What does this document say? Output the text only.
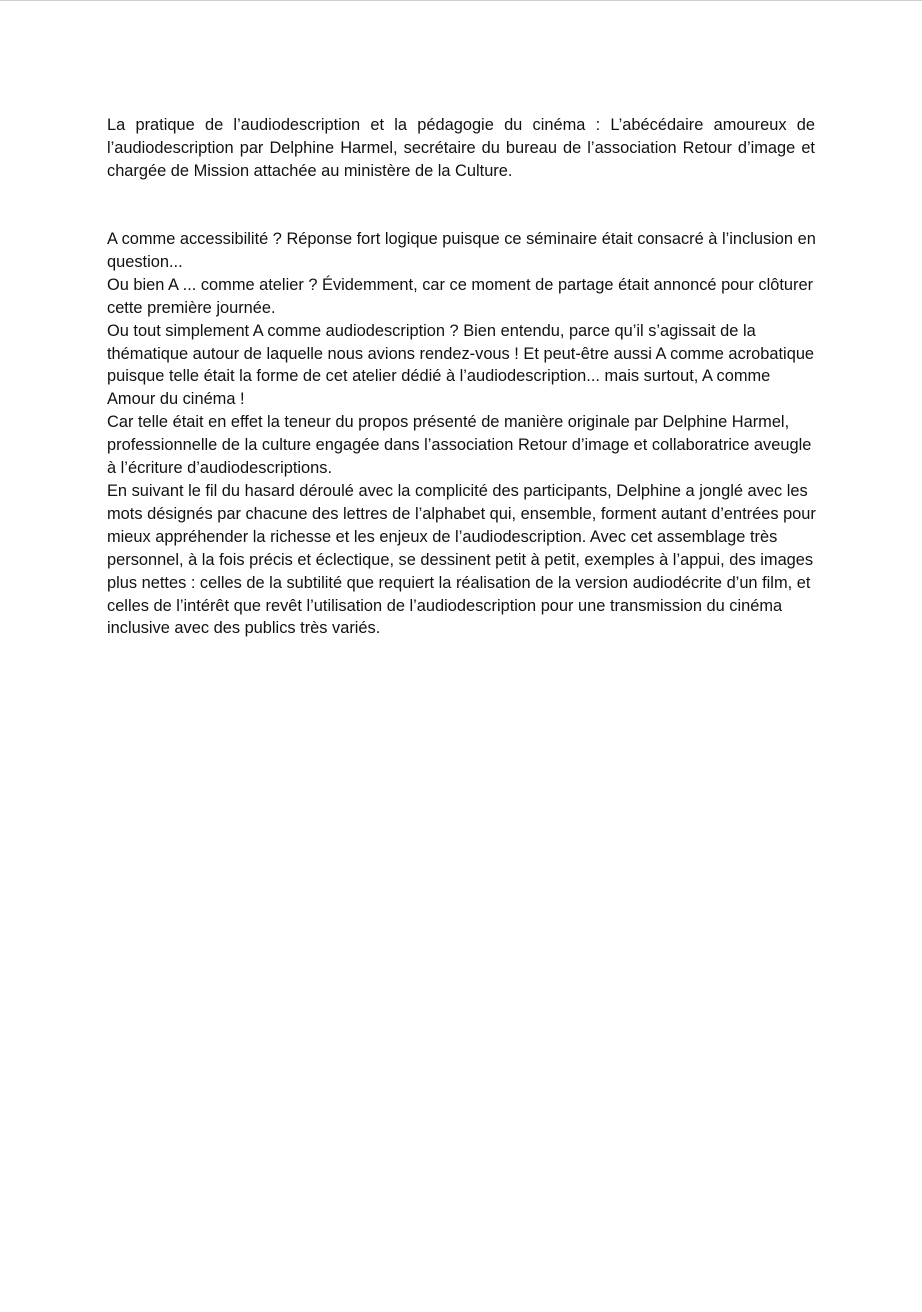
La pratique de l’audiodescription et la pédagogie du cinéma : L’abécédaire amoureux de l’audiodescription par Delphine Harmel, secrétaire du bureau de l’association Retour d’image et chargée de Mission attachée au ministère de la Culture.

A comme accessibilité ? Réponse fort logique puisque ce séminaire était consacré à l’inclusion en question...

Ou bien A ... comme atelier ? Évidemment, car ce moment de partage était annoncé pour clôturer cette première journée.

Ou tout simplement A comme audiodescription ? Bien entendu, parce qu’il s’agissait de la thématique autour de laquelle nous avions rendez-vous ! Et peut-être aussi A comme acrobatique puisque telle était la forme de cet atelier dédié à l’audiodescription... mais surtout, A comme Amour du cinéma !

Car telle était en effet la teneur du propos présenté de manière originale par Delphine Harmel, professionnelle de la culture engagée dans l’association Retour d’image et collaboratrice aveugle à l’écriture d’audiodescriptions.

En suivant le fil du hasard déroulé avec la complicité des participants, Delphine a jonglé avec les mots désignés par chacune des lettres de l’alphabet qui, ensemble, forment autant d’entrées pour mieux appréhender la richesse et les enjeux de l’audiodescription. Avec cet assemblage très personnel, à la fois précis et éclectique, se dessinent petit à petit, exemples à l’appui, des images plus nettes : celles de la subtilité que requiert la réalisation de la version audiodécrite d’un film, et celles de l’intérêt que revêt l’utilisation de l’audiodescription pour une transmission du cinéma inclusive avec des publics très variés.
